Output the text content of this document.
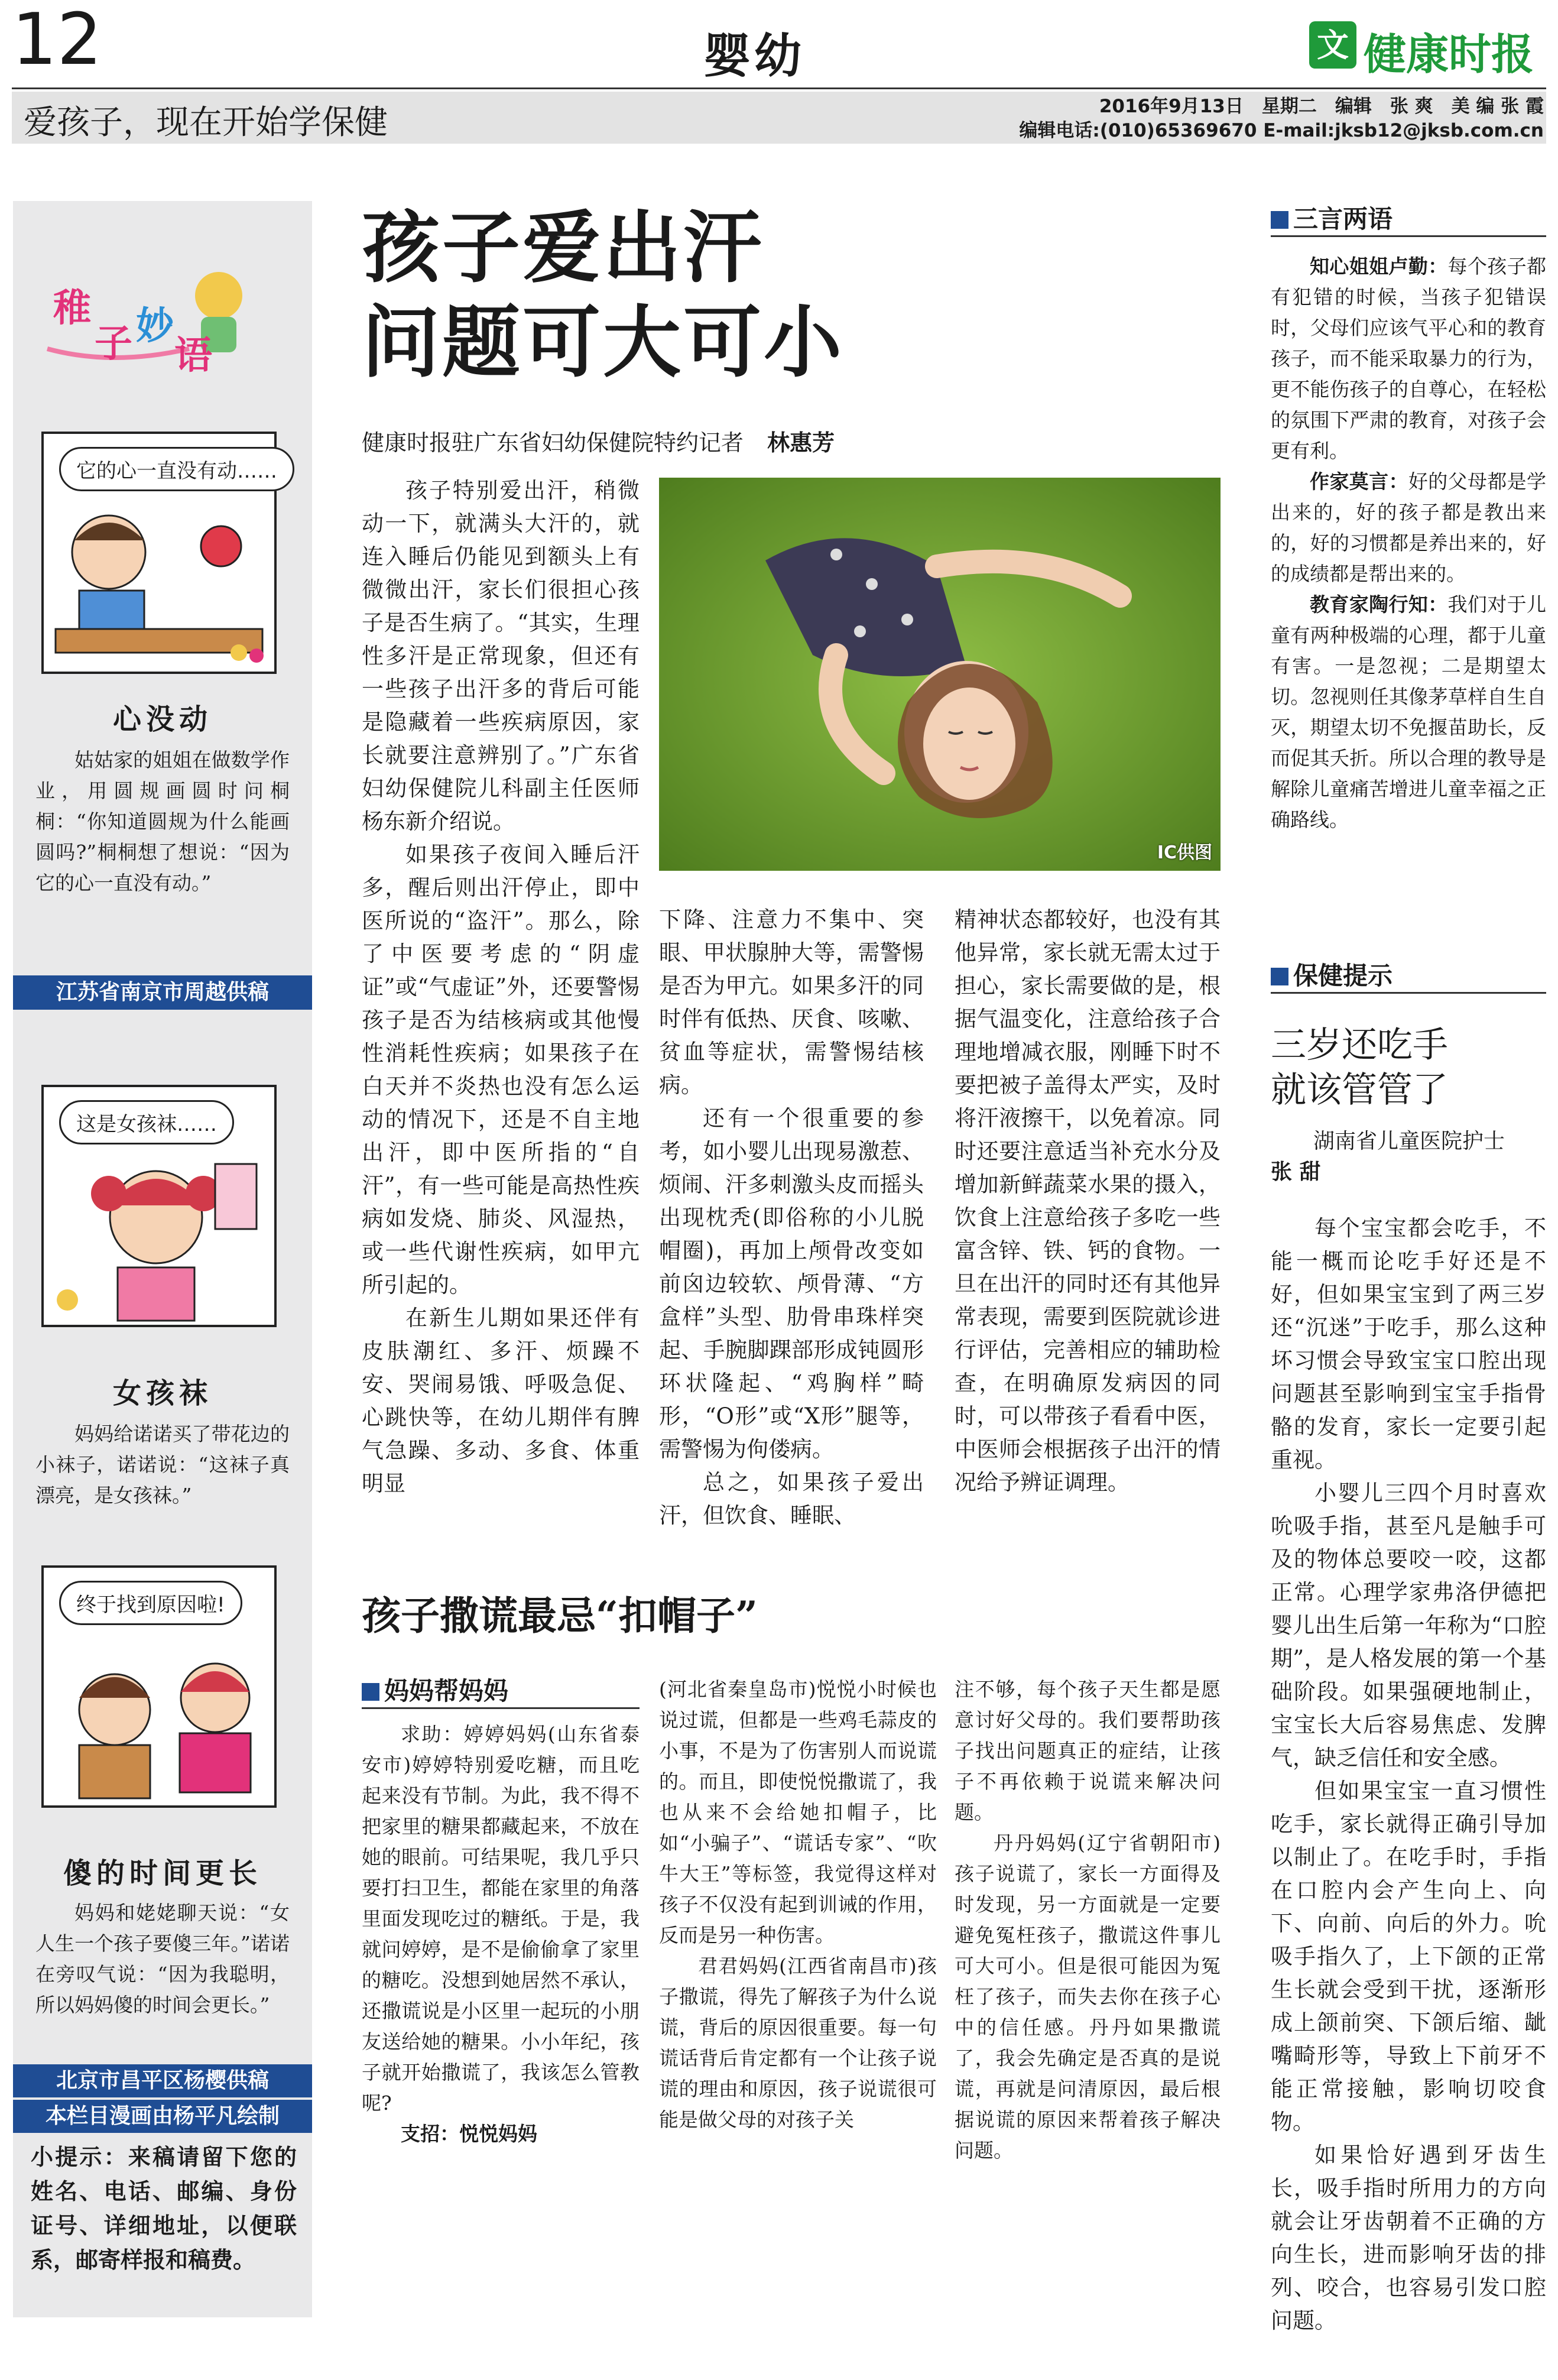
12	婴幼	文 健康时报
爱孩子，现在开始学保健	2016年9月13日　星期二　编辑　张 爽　美 编 张 霞
编辑电话:(010)65369670 E-mail:jksb12@jksb.com.cn
稚
子 妙
语
它的心一直没有动……
心没动

姑姑家的姐姐在做数学作业，用圆规画圆时问桐桐：“你知道圆规为什么能画圆吗?”桐桐想了想说：“因为它的心一直没有动。”

江苏省南京市周越供稿
这是女孩袜……
女孩袜

妈妈给诺诺买了带花边的小袜子，诺诺说：“这袜子真漂亮，是女孩袜。”

终于找到原因啦!
傻的时间更长

妈妈和姥姥聊天说：“女人生一个孩子要傻三年。”诺诺在旁叹气说：“因为我聪明，所以妈妈傻的时间会更长。”

北京市昌平区杨樱供稿
本栏目漫画由杨平凡绘制
小提示：来稿请留下您的姓名、电话、邮编、身份证号、详细地址，以便联系，邮寄样报和稿费。
孩子爱出汗
问题可大可小
健康时报驻广东省妇幼保健院特约记者 林惠芳
IC供图

孩子特别爱出汗，稍微动一下，就满头大汗的，就连入睡后仍能见到额头上有微微出汗，家长们很担心孩子是否生病了。“其实，生理性多汗是正常现象，但还有一些孩子出汗多的背后可能是隐藏着一些疾病原因，家长就要注意辨别了。”广东省妇幼保健院儿科副主任医师杨东新介绍说。

如果孩子夜间入睡后汗多，醒后则出汗停止，即中医所说的“盗汗”。那么，除了中医要考虑的“阴虚证”或“气虚证”外，还要警惕孩子是否为结核病或其他慢性消耗性疾病；如果孩子在白天并不炎热也没有怎么运动的情况下，还是不自主地出汗，即中医所指的“自汗”，有一些可能是高热性疾病如发烧、肺炎、风湿热，或一些代谢性疾病，如甲亢所引起的。

在新生儿期如果还伴有皮肤潮红、多汗、烦躁不安、哭闹易饿、呼吸急促、心跳快等，在幼儿期伴有脾气急躁、多动、多食、体重明显

下降、注意力不集中、突眼、甲状腺肿大等，需警惕是否为甲亢。如果多汗的同时伴有低热、厌食、咳嗽、贫血等症状，需警惕结核病。

还有一个很重要的参考，如小婴儿出现易激惹、烦闹、汗多刺激头皮而摇头出现枕秃(即俗称的小儿脱帽圈)，再加上颅骨改变如前囟边较软、颅骨薄、“方盒样”头型、肋骨串珠样突起、手腕脚踝部形成钝圆形环状隆起、“鸡胸样”畸形，“O形”或“X形”腿等，需警惕为佝偻病。

总之，如果孩子爱出汗，但饮食、睡眠、

精神状态都较好，也没有其他异常，家长就无需太过于担心，家长需要做的是，根据气温变化，注意给孩子合理地增减衣服，刚睡下时不要把被子盖得太严实，及时将汗液擦干，以免着凉。同时还要注意适当补充水分及增加新鲜蔬菜水果的摄入，饮食上注意给孩子多吃一些富含锌、铁、钙的食物。一旦在出汗的同时还有其他异常表现，需要到医院就诊进行评估，完善相应的辅助检查，在明确原发病因的同时，可以带孩子看看中医，中医师会根据孩子出汗的情况给予辨证调理。

孩子撒谎最忌“扣帽子”
妈妈帮妈妈

求助：婷婷妈妈(山东省泰安市)婷婷特别爱吃糖，而且吃起来没有节制。为此，我不得不把家里的糖果都藏起来，不放在她的眼前。可结果呢，我几乎只要打扫卫生，都能在家里的角落里面发现吃过的糖纸。于是，我就问婷婷，是不是偷偷拿了家里的糖吃。没想到她居然不承认，还撒谎说是小区里一起玩的小朋友送给她的糖果。小小年纪，孩子就开始撒谎了，我该怎么管教呢?

支招：悦悦妈妈

(河北省秦皇岛市)悦悦小时候也说过谎，但都是一些鸡毛蒜皮的小事，不是为了伤害别人而说谎的。而且，即使悦悦撒谎了，我也从来不会给她扣帽子，比如“小骗子”、“谎话专家”、“吹牛大王”等标签，我觉得这样对孩子不仅没有起到训诫的作用，反而是另一种伤害。

君君妈妈(江西省南昌市)孩子撒谎，得先了解孩子为什么说谎，背后的原因很重要。每一句谎话背后肯定都有一个让孩子说谎的理由和原因，孩子说谎很可能是做父母的对孩子关

注不够，每个孩子天生都是愿意讨好父母的。我们要帮助孩子找出问题真正的症结，让孩子不再依赖于说谎来解决问题。

丹丹妈妈(辽宁省朝阳市)孩子说谎了，家长一方面得及时发现，另一方面就是一定要避免冤枉孩子，撒谎这件事儿可大可小。但是很可能因为冤枉了孩子，而失去你在孩子心中的信任感。丹丹如果撒谎了，我会先确定是否真的是说谎，再就是问清原因，最后根据说谎的原因来帮着孩子解决问题。

三言两语

知心姐姐卢勤：每个孩子都有犯错的时候，当孩子犯错误时，父母们应该气平心和的教育孩子，而不能采取暴力的行为，更不能伤孩子的自尊心，在轻松的氛围下严肃的教育，对孩子会更有利。

作家莫言：好的父母都是学出来的，好的孩子都是教出来的，好的习惯都是养出来的，好的成绩都是帮出来的。

教育家陶行知：我们对于儿童有两种极端的心理，都于儿童有害。一是忽视；二是期望太切。忽视则任其像茅草样自生自灭，期望太切不免揠苗助长，反而促其夭折。所以合理的教导是解除儿童痛苦增进儿童幸福之正确路线。

保健提示
三岁还吃手
就该管管了
湖南省儿童医院护士
张 甜

每个宝宝都会吃手，不能一概而论吃手好还是不好，但如果宝宝到了两三岁还“沉迷”于吃手，那么这种坏习惯会导致宝宝口腔出现问题甚至影响到宝宝手指骨骼的发育，家长一定要引起重视。

小婴儿三四个月时喜欢吮吸手指，甚至凡是触手可及的物体总要咬一咬，这都正常。心理学家弗洛伊德把婴儿出生后第一年称为“口腔期”，是人格发展的第一个基础阶段。如果强硬地制止，宝宝长大后容易焦虑、发脾气，缺乏信任和安全感。

但如果宝宝一直习惯性吃手，家长就得正确引导加以制止了。在吃手时，手指在口腔内会产生向上、向下、向前、向后的外力。吮吸手指久了，上下颌的正常生长就会受到干扰，逐渐形成上颌前突、下颌后缩、龇嘴畸形等，导致上下前牙不能正常接触，影响切咬食物。

如果恰好遇到牙齿生长，吸手指时所用力的方向就会让牙齿朝着不正确的方向生长，进而影响牙齿的排列、咬合，也容易引发口腔问题。
